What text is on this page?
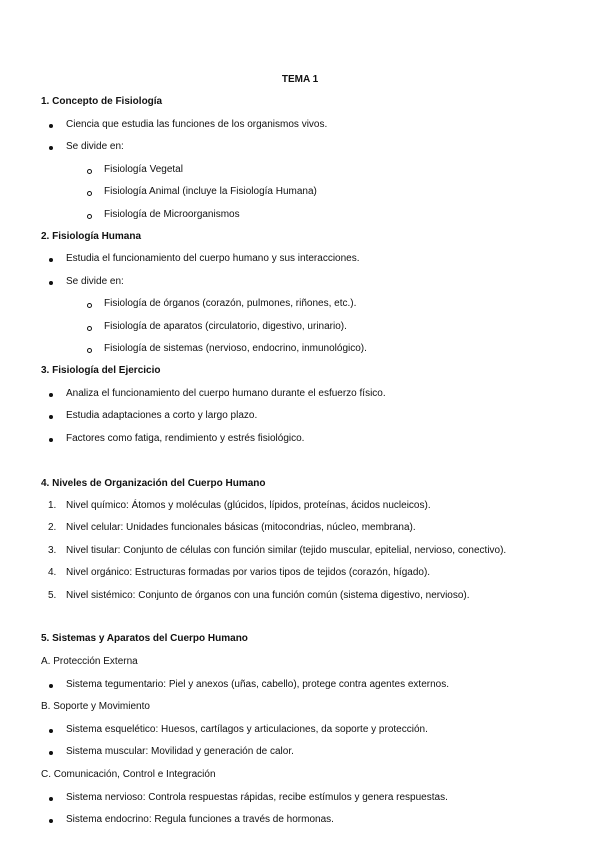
TEMA 1
1. Concepto de Fisiología
Ciencia que estudia las funciones de los organismos vivos.
Se divide en:
Fisiología Vegetal
Fisiología Animal (incluye la Fisiología Humana)
Fisiología de Microorganismos
2. Fisiología Humana
Estudia el funcionamiento del cuerpo humano y sus interacciones.
Se divide en:
Fisiología de órganos (corazón, pulmones, riñones, etc.).
Fisiología de aparatos (circulatorio, digestivo, urinario).
Fisiología de sistemas (nervioso, endocrino, inmunológico).
3. Fisiología del Ejercicio
Analiza el funcionamiento del cuerpo humano durante el esfuerzo físico.
Estudia adaptaciones a corto y largo plazo.
Factores como fatiga, rendimiento y estrés fisiológico.
4. Niveles de Organización del Cuerpo Humano
1. Nivel químico: Átomos y moléculas (glúcidos, lípidos, proteínas, ácidos nucleicos).
2. Nivel celular: Unidades funcionales básicas (mitocondrias, núcleo, membrana).
3. Nivel tisular: Conjunto de células con función similar (tejido muscular, epitelial, nervioso, conectivo).
4. Nivel orgánico: Estructuras formadas por varios tipos de tejidos (corazón, hígado).
5. Nivel sistémico: Conjunto de órganos con una función común (sistema digestivo, nervioso).
5. Sistemas y Aparatos del Cuerpo Humano
A. Protección Externa
Sistema tegumentario: Piel y anexos (uñas, cabello), protege contra agentes externos.
B. Soporte y Movimiento
Sistema esquelético: Huesos, cartílagos y articulaciones, da soporte y protección.
Sistema muscular: Movilidad y generación de calor.
C. Comunicación, Control e Integración
Sistema nervioso: Controla respuestas rápidas, recibe estímulos y genera respuestas.
Sistema endocrino: Regula funciones a través de hormonas.
